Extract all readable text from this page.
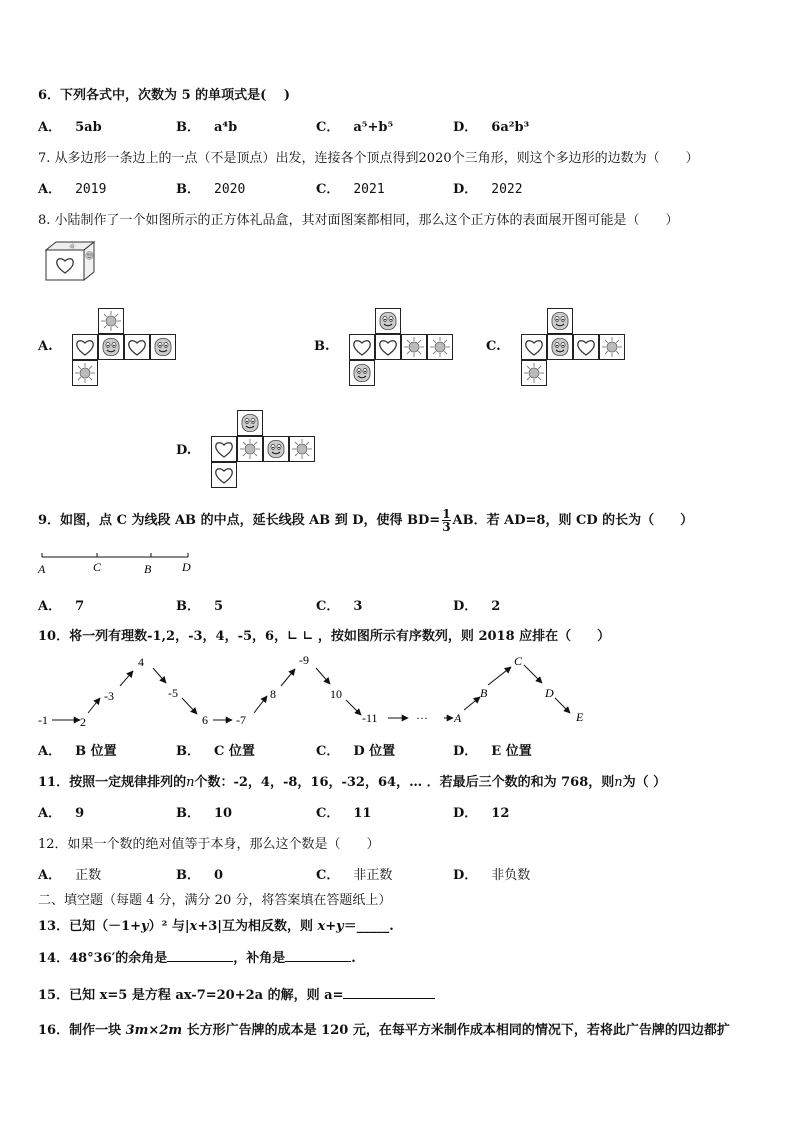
6．下列各式中，次数为 5 的单项式是(　 )
A． 5ab	B． a⁴b	C． a⁵+b⁵	D． 6a²b³
7. 从多边形一条边上的一点（不是顶点）出发，连接各个顶点得到2020个三角形，则这个多边形的边数为（　　）
A． 2019	B． 2020	C． 2021	D． 2022
8. 小陆制作了一个如图所示的正方体礼品盒，其对面图案都相同，那么这个正方体的表面展开图可能是（　　）
A.	B.	C.
D.
9．如图，点 C 为线段 AB 的中点，延长线段 AB 到 D，使得 $BD= \frac{1}{3}$ AB．若 AD=8，则 CD 的长为（　　）
A	C	B	D
A． 7	B． 5	C． 3	D． 2
10．将一列有理数-1,2，-3，4，-5，6，∟ ∟ ，按如图所示有序数列，则 2018 应排在（　　）
-1	2
-3
4
-5
6 -7
8
-9
10
-11	··· A
B
C
D
E
A． B 位置	B． C 位置	C． D 位置	D． E 位置
11．按照一定规律排列的n个数：-2，4，-8，16，-32，64，… ．若最后三个数的和为 768，则n为（ ）
A． 9	B． 10	C． 11	D． 12
12．如果一个数的绝对值等于本身，那么这个数是（　　）
A． 正数	B． 0	C． 非正数	D． 非负数
二、填空题（每题 4 分，满分 20 分，将答案填在答题纸上）
13．已知（－1+y）² 与|x+3|互为相反数，则 x+y＝_____.
14．48°36′的余角是	，补角是	.
15．已知 x=5 是方程 ax-7=20+2a 的解，则 a=
16．制作一块 3m×2m 长方形广告牌的成本是 120 元，在每平方米制作成本相同的情况下，若将此广告牌的四边都扩
